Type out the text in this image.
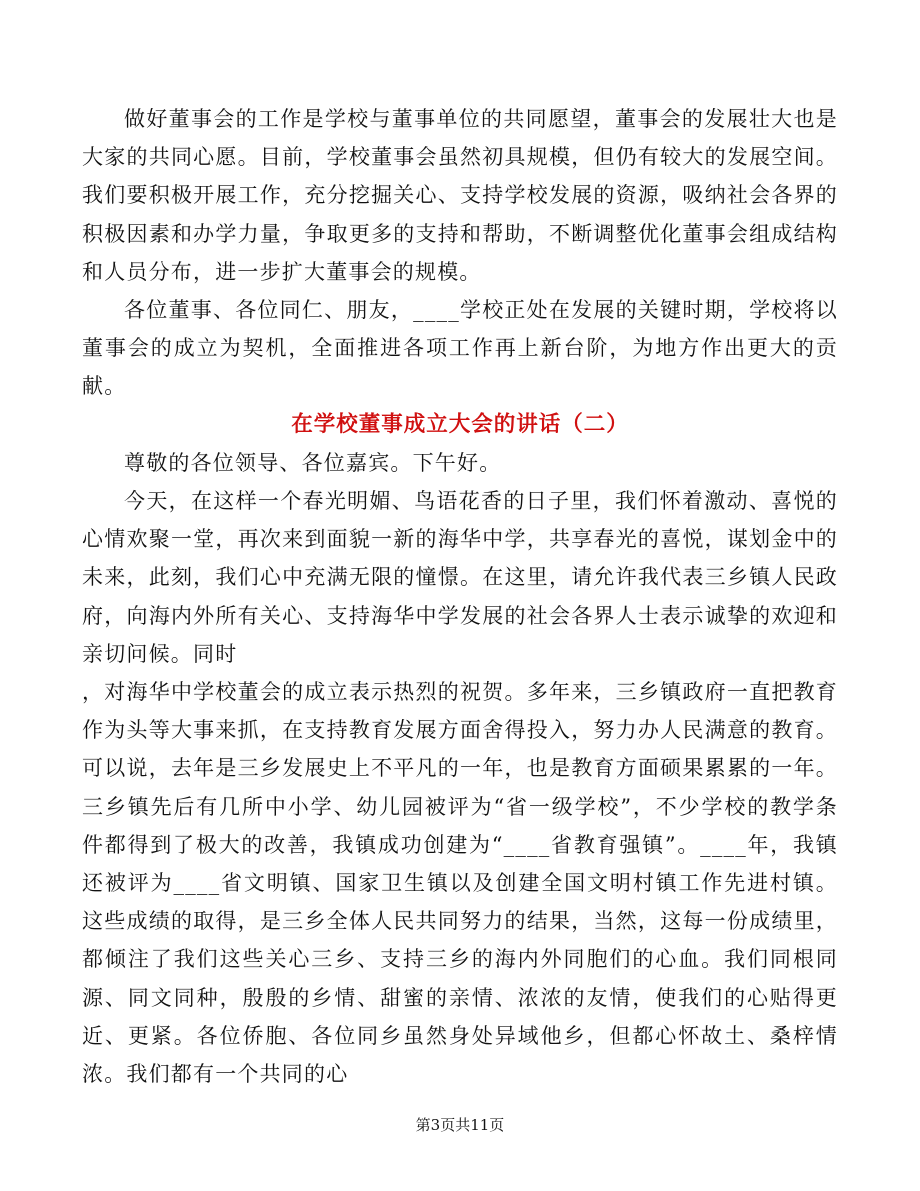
做好董事会的工作是学校与董事单位的共同愿望，董事会的发展壮大也是大家的共同心愿。目前，学校董事会虽然初具规模，但仍有较大的发展空间。我们要积极开展工作，充分挖掘关心、支持学校发展的资源，吸纳社会各界的积极因素和办学力量，争取更多的支持和帮助，不断调整优化董事会组成结构和人员分布，进一步扩大董事会的规模。

各位董事、各位同仁、朋友，____学校正处在发展的关键时期，学校将以董事会的成立为契机，全面推进各项工作再上新台阶，为地方作出更大的贡献。

在学校董事成立大会的讲话（二）

尊敬的各位领导、各位嘉宾。下午好。

今天，在这样一个春光明媚、鸟语花香的日子里，我们怀着激动、喜悦的心情欢聚一堂，再次来到面貌一新的海华中学，共享春光的喜悦，谋划金中的未来，此刻，我们心中充满无限的憧憬。在这里，请允许我代表三乡镇人民政府，向海内外所有关心、支持海华中学发展的社会各界人士表示诚挚的欢迎和亲切问候。同时

，对海华中学校董会的成立表示热烈的祝贺。多年来，三乡镇政府一直把教育作为头等大事来抓，在支持教育发展方面舍得投入，努力办人民满意的教育。可以说，去年是三乡发展史上不平凡的一年，也是教育方面硕果累累的一年。三乡镇先后有几所中小学、幼儿园被评为“省一级学校”，不少学校的教学条件都得到了极大的改善，我镇成功创建为“____省教育强镇”。____年，我镇还被评为____省文明镇、国家卫生镇以及创建全国文明村镇工作先进村镇。这些成绩的取得，是三乡全体人民共同努力的结果，当然，这每一份成绩里，都倾注了我们这些关心三乡、支持三乡的海内外同胞们的心血。我们同根同源、同文同种，殷殷的乡情、甜蜜的亲情、浓浓的友情，使我们的心贴得更近、更紧。各位侨胞、各位同乡虽然身处异域他乡，但都心怀故土、桑梓情浓。我们都有一个共同的心

第3页共11页
